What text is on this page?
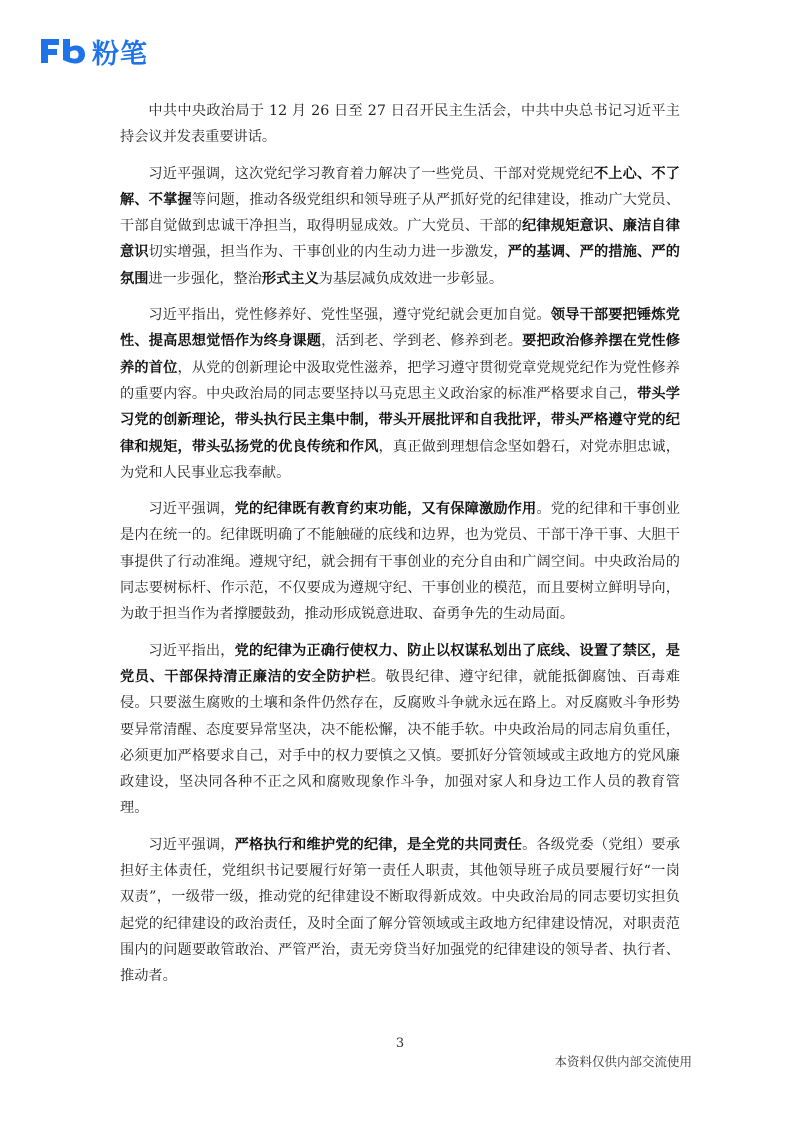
粉笔

中共中央政治局于 12 月 26 日至 27 日召开民主生活会，中共中央总书记习近平主持会议并发表重要讲话。

习近平强调，这次党纪学习教育着力解决了一些党员、干部对党规党纪不上心、不了解、不掌握等问题，推动各级党组织和领导班子从严抓好党的纪律建设，推动广大党员、干部自觉做到忠诚干净担当，取得明显成效。广大党员、干部的纪律规矩意识、廉洁自律意识切实增强，担当作为、干事创业的内生动力进一步激发，严的基调、严的措施、严的氛围进一步强化，整治形式主义为基层减负成效进一步彰显。

习近平指出，党性修养好、党性坚强，遵守党纪就会更加自觉。领导干部要把锤炼党性、提高思想觉悟作为终身课题，活到老、学到老、修养到老。要把政治修养摆在党性修养的首位，从党的创新理论中汲取党性滋养，把学习遵守贯彻党章党规党纪作为党性修养的重要内容。中央政治局的同志要坚持以马克思主义政治家的标准严格要求自己，带头学习党的创新理论，带头执行民主集中制，带头开展批评和自我批评，带头严格遵守党的纪律和规矩，带头弘扬党的优良传统和作风，真正做到理想信念坚如磐石，对党赤胆忠诚，为党和人民事业忘我奉献。

习近平强调，党的纪律既有教育约束功能，又有保障激励作用。党的纪律和干事创业是内在统一的。纪律既明确了不能触碰的底线和边界，也为党员、干部干净干事、大胆干事提供了行动准绳。遵规守纪，就会拥有干事创业的充分自由和广阔空间。中央政治局的同志要树标杆、作示范，不仅要成为遵规守纪、干事创业的模范，而且要树立鲜明导向，为敢于担当作为者撑腰鼓劲，推动形成锐意进取、奋勇争先的生动局面。

习近平指出，党的纪律为正确行使权力、防止以权谋私划出了底线、设置了禁区，是党员、干部保持清正廉洁的安全防护栏。敬畏纪律、遵守纪律，就能抵御腐蚀、百毒难侵。只要滋生腐败的土壤和条件仍然存在，反腐败斗争就永远在路上。对反腐败斗争形势要异常清醒、态度要异常坚决，决不能松懈，决不能手软。中央政治局的同志肩负重任，必须更加严格要求自己，对手中的权力要慎之又慎。要抓好分管领域或主政地方的党风廉政建设，坚决同各种不正之风和腐败现象作斗争，加强对家人和身边工作人员的教育管理。

习近平强调，严格执行和维护党的纪律，是全党的共同责任。各级党委（党组）要承担好主体责任，党组织书记要履行好第一责任人职责，其他领导班子成员要履行好“一岗双责”，一级带一级，推动党的纪律建设不断取得新成效。中央政治局的同志要切实担负起党的纪律建设的政治责任，及时全面了解分管领域或主政地方纪律建设情况，对职责范围内的问题要敢管敢治、严管严治，责无旁贷当好加强党的纪律建设的领导者、执行者、推动者。

3
本资料仅供内部交流使用
